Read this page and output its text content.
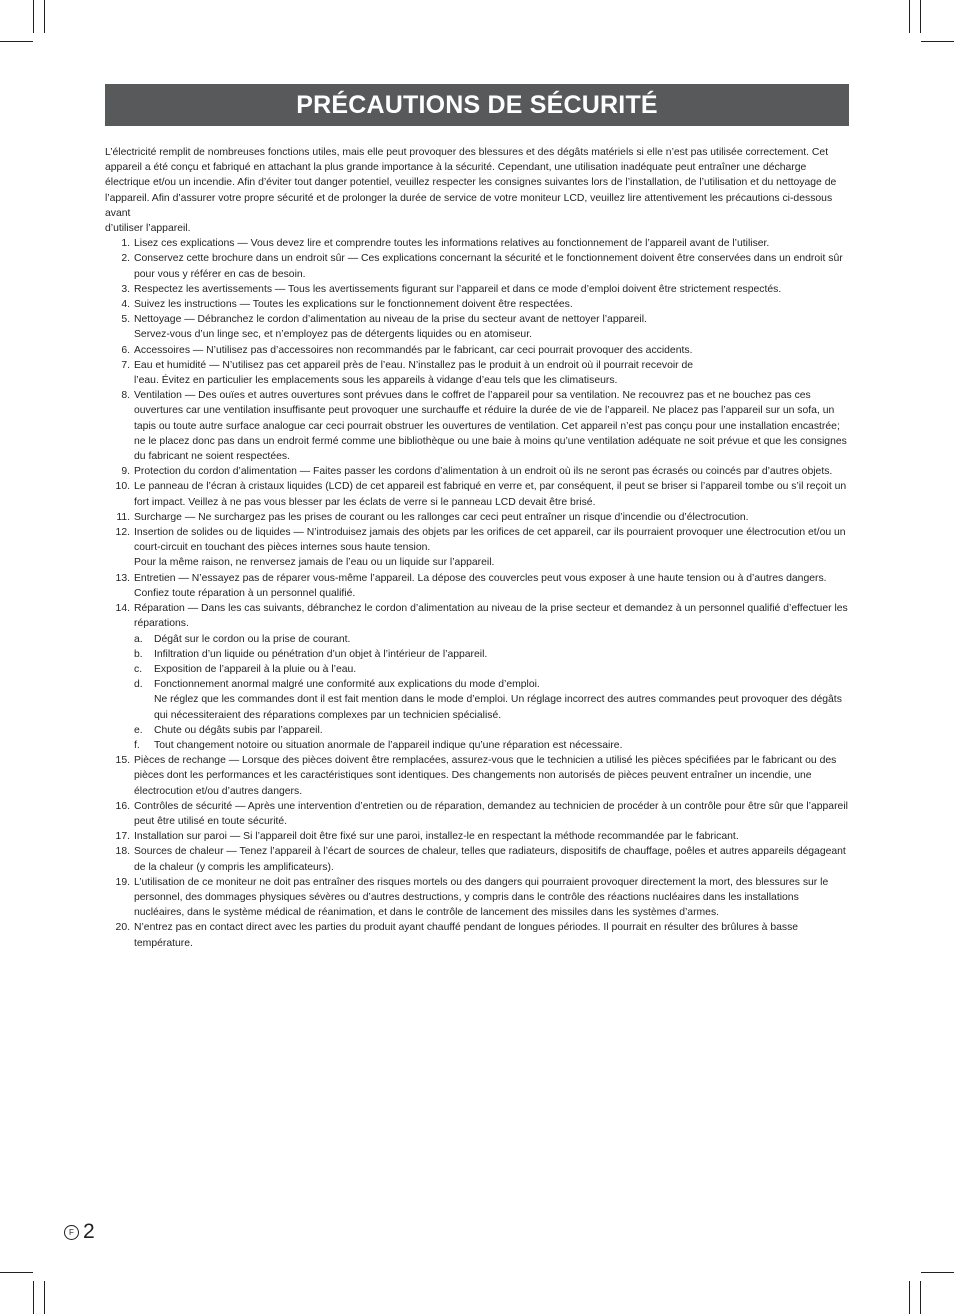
PRÉCAUTIONS DE SÉCURITÉ

L’électricité remplit de nombreuses fonctions utiles, mais elle peut provoquer des blessures et des dégâts matériels si elle n’est pas utilisée correctement. Cet appareil a été conçu et fabriqué en attachant la plus grande importance à la sécurité. Cependant, une utilisation inadéquate peut entraîner une décharge électrique et/ou un incendie. Afin d’éviter tout danger potentiel, veuillez respecter les consignes suivantes lors de l’installation, de l’utilisation et du nettoyage de l’appareil. Afin d’assurer votre propre sécurité et de prolonger la durée de service de votre moniteur LCD, veuillez lire attentivement les précautions ci-dessous avant
d’utiliser l’appareil.

1. Lisez ces explications — Vous devez lire et comprendre toutes les informations relatives au fonctionnement de l’appareil avant de l’utiliser.
2. Conservez cette brochure dans un endroit sûr — Ces explications concernant la sécurité et le fonctionnement doivent être conservées dans un endroit sûr pour vous y référer en cas de besoin.
3. Respectez les avertissements — Tous les avertissements figurant sur l’appareil et dans ce mode d’emploi doivent être strictement respectés.
4. Suivez les instructions — Toutes les explications sur le fonctionnement doivent être respectées.
5. Nettoyage — Débranchez le cordon d’alimentation au niveau de la prise du secteur avant de nettoyer l’appareil.
Servez-vous d’un linge sec, et n’employez pas de détergents liquides ou en atomiseur.
6. Accessoires — N’utilisez pas d’accessoires non recommandés par le fabricant, car ceci pourrait provoquer des accidents.
7. Eau et humidité — N’utilisez pas cet appareil près de l’eau. N’installez pas le produit à un endroit où il pourrait recevoir de
l’eau. Évitez en particulier les emplacements sous les appareils à vidange d’eau tels que les climatiseurs.
8. Ventilation — Des ouïes et autres ouvertures sont prévues dans le coffret de l’appareil pour sa ventilation. Ne recouvrez pas et ne bouchez pas ces ouvertures car une ventilation insuffisante peut provoquer une surchauffe et réduire la durée de vie de l’appareil. Ne placez pas l’appareil sur un sofa, un tapis ou toute autre surface analogue car ceci pourrait obstruer les ouvertures de ventilation. Cet appareil n’est pas conçu pour une installation encastrée; ne le placez donc pas dans un endroit fermé comme une bibliothèque ou une baie à moins qu’une ventilation adéquate ne soit prévue et que les consignes du fabricant ne soient respectées.
9. Protection du cordon d’alimentation — Faites passer les cordons d’alimentation à un endroit où ils ne seront pas écrasés ou coincés par d’autres objets.
10. Le panneau de l’écran à cristaux liquides (LCD) de cet appareil est fabriqué en verre et, par conséquent, il peut se briser si l’appareil tombe ou s’il reçoit un fort impact. Veillez à ne pas vous blesser par les éclats de verre si le panneau LCD devait être brisé.
11. Surcharge — Ne surchargez pas les prises de courant ou les rallonges car ceci peut entraîner un risque d’incendie ou d’électrocution.
12. Insertion de solides ou de liquides — N’introduisez jamais des objets par les orifices de cet appareil, car ils pourraient provoquer une électrocution et/ou un court-circuit en touchant des pièces internes sous haute tension.
Pour la même raison, ne renversez jamais de l’eau ou un liquide sur l’appareil.
13. Entretien — N’essayez pas de réparer vous-même l’appareil. La dépose des couvercles peut vous exposer à une haute tension ou à d’autres dangers. Confiez toute réparation à un personnel qualifié.
14. Réparation — Dans les cas suivants, débranchez le cordon d’alimentation au niveau de la prise secteur et demandez à un personnel qualifié d’effectuer les réparations.
a. Dégât sur le cordon ou la prise de courant.
b. Infiltration d’un liquide ou pénétration d’un objet à l’intérieur de l’appareil.
c. Exposition de l’appareil à la pluie ou à l’eau.
d. Fonctionnement anormal malgré une conformité aux explications du mode d’emploi.
Ne réglez que les commandes dont il est fait mention dans le mode d’emploi. Un réglage incorrect des autres commandes peut provoquer des dégâts qui nécessiteraient des réparations complexes par un technicien spécialisé.
e. Chute ou dégâts subis par l’appareil.
f. Tout changement notoire ou situation anormale de l’appareil indique qu’une réparation est nécessaire.
15. Pièces de rechange — Lorsque des pièces doivent être remplacées, assurez-vous que le technicien a utilisé les pièces spécifiées par le fabricant ou des pièces dont les performances et les caractéristiques sont identiques. Des changements non autorisés de pièces peuvent entraîner un incendie, une électrocution et/ou d’autres dangers.
16. Contrôles de sécurité — Après une intervention d’entretien ou de réparation, demandez au technicien de procéder à un contrôle pour être sûr que l’appareil peut être utilisé en toute sécurité.
17. Installation sur paroi — Si l’appareil doit être fixé sur une paroi, installez-le en respectant la méthode recommandée par le fabricant.
18. Sources de chaleur — Tenez l’appareil à l’écart de sources de chaleur, telles que radiateurs, dispositifs de chauffage, poêles et autres appareils dégageant de la chaleur (y compris les amplificateurs).
19. L’utilisation de ce moniteur ne doit pas entraîner des risques mortels ou des dangers qui pourraient provoquer directement la mort, des blessures sur le personnel, des dommages physiques sévères ou d’autres destructions, y compris dans le contrôle des réactions nucléaires dans les installations nucléaires, dans le système médical de réanimation, et dans le contrôle de lancement des missiles dans les systèmes d’armes.
20. N’entrez pas en contact direct avec les parties du produit ayant chauffé pendant de longues périodes. Il pourrait en résulter des brûlures à basse température.
F 2
